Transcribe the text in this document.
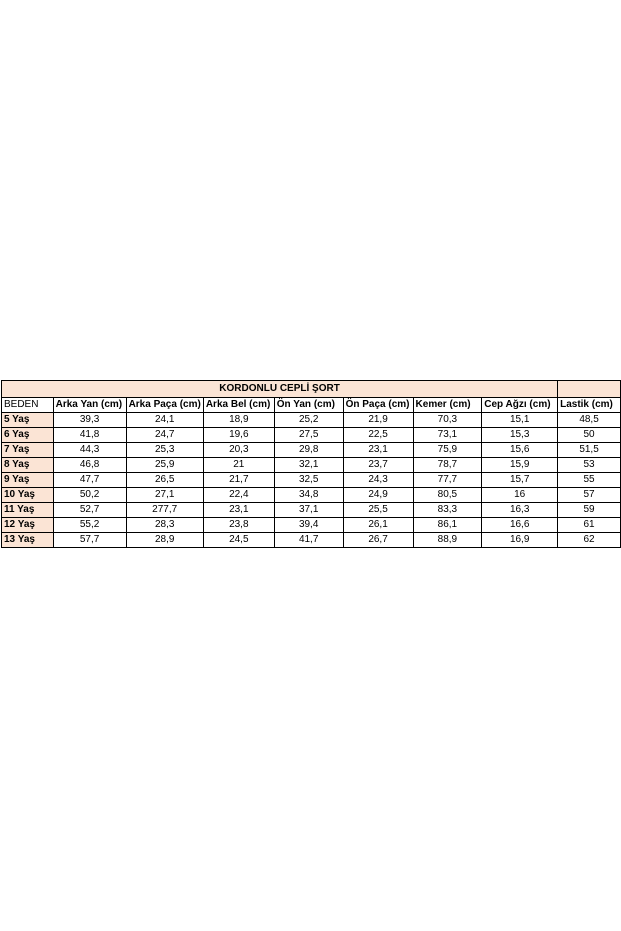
KORDONLU CEPLİ ŞORT								
BEDEN	Arka Yan (cm)	Arka Paça (cm)	Arka Bel (cm)	Ön Yan (cm)	Ön Paça (cm)	Kemer (cm)	Cep Ağzı (cm)	Lastik (cm)
5 Yaş	39,3	24,1	18,9	25,2	21,9	70,3	15,1	48,5
6 Yaş	41,8	24,7	19,6	27,5	22,5	73,1	15,3	50
7 Yaş	44,3	25,3	20,3	29,8	23,1	75,9	15,6	51,5
8 Yaş	46,8	25,9	21	32,1	23,7	78,7	15,9	53
9 Yaş	47,7	26,5	21,7	32,5	24,3	77,7	15,7	55
10 Yaş	50,2	27,1	22,4	34,8	24,9	80,5	16	57
11 Yaş	52,7	277,7	23,1	37,1	25,5	83,3	16,3	59
12 Yaş	55,2	28,3	23,8	39,4	26,1	86,1	16,6	61
13 Yaş	57,7	28,9	24,5	41,7	26,7	88,9	16,9	62
